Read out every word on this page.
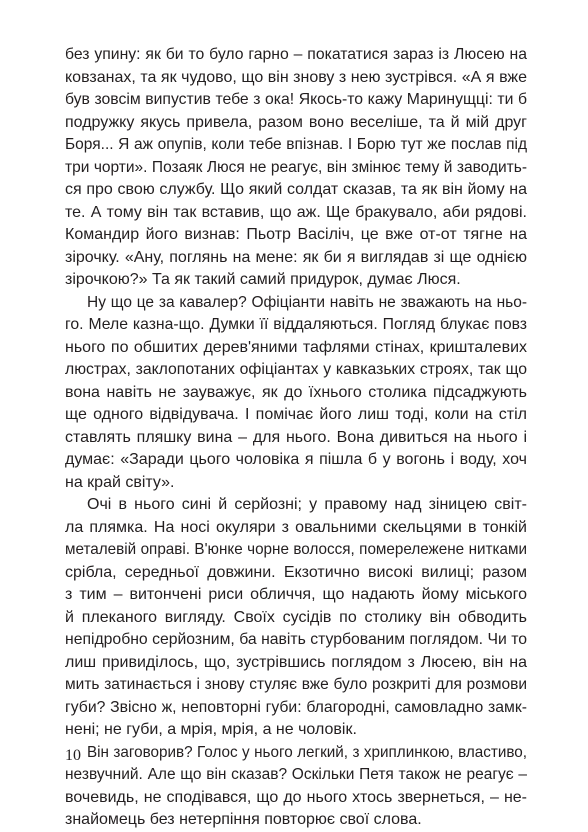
без упину: як би то було гарно – покататися зараз із Люсею на
ковзанах, та як чудово, що він знову з нею зустрівся. «А я вже
був зовсім випустив тебе з ока! Якось-то кажу Маринущці: ти б
подружку якусь привела, разом воно веселіше, та й мій друг
Боря... Я аж опупів, коли тебе впізнав. І Борю тут же послав під
три чорти». Позаяк Люся не реагує, він змінює тему й заводить-
ся про свою службу. Що який солдат сказав, та як він йому на
те. А тому він так вставив, що аж. Ще бракувало, аби рядові.
Командир його визнав: Пьотр Васіліч, це вже от-от тягне на
зірочку. «Ану, поглянь на мене: як би я виглядав зі ще однією
зірочкою?» Та як такий самий придурок, думає Люся.
Ну що це за кавалер? Офіціанти навіть не зважають на ньо-
го. Меле казна-що. Думки її віддаляються. Погляд блукає повз
нього по обшитих дерев'яними тафлями стінах, кришталевих
люстрах, заклопотаних офіціантах у кавказьких строях, так що
вона навіть не зауважує, як до їхнього столика підсаджують
ще одного відвідувача. І помічає його лиш тоді, коли на стіл
ставлять пляшку вина – для нього. Вона дивиться на нього і
думає: «Заради цього чоловіка я пішла б у вогонь і воду, хоч
на край світу».
Очі в нього сині й серйозні; у правому над зіницею світ-
ла плямка. На носі окуляри з овальними скельцями в тонкій
металевій оправі. В'юнке чорне волосся, померележене нитками
срібла, середньої довжини. Екзотично високі вилиці; разом
з тим – витончені риси обличчя, що надають йому міського
й плеканого вигляду. Своїх сусідів по столику він обводить
непідробно серйозним, ба навіть стурбованим поглядом. Чи то
лиш привиділось, що, зустрівшись поглядом з Люсею, він на
мить затинається і знову стуляє вже було розкриті для розмови
губи? Звісно ж, неповторні губи: благородні, самовладно замк-
нені; не губи, а мрія, мрія, а не чоловік.
Він заговорив? Голос у нього легкий, з хриплинкою, властиво,
незвучний. Але що він сказав? Оскільки Петя також не реагує –
вочевидь, не сподівався, що до нього хтось звернеться, – не-
знайомець без нетерпіння повторює свої слова.
10
